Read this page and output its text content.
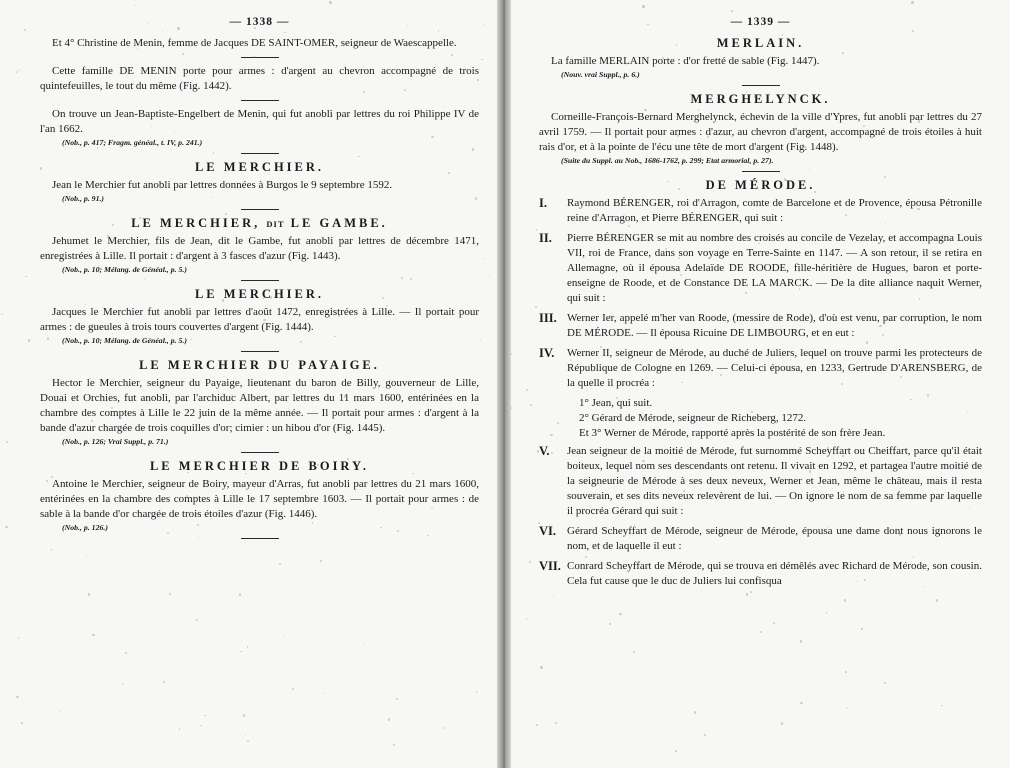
— 1338 —

Et 4° Christine de Menin, femme de Jacques DE SAINT-OMER, seigneur de Waescappelle.

Cette famille DE MENIN porte pour armes : d'argent au chevron accompagné de trois quintefeuilles, le tout du même (Fig. 1442).

On trouve un Jean-Baptiste-Engelbert de Menin, qui fut anobli par lettres du roi Philippe IV de l'an 1662.

(Nob., p. 417; Fragm. généal., t. IV, p. 241.)
LE MERCHIER.

Jean le Merchier fut anobli par lettres données à Burgos le 9 septembre 1592.

(Nob., p. 91.)
LE MERCHIER, DIT LE GAMBE.

Jehumet le Merchier, fils de Jean, dit le Gambe, fut anobli par lettres de décembre 1471, enregistrées à Lille. Il portait : d'argent à 3 fasces d'azur (Fig. 1443).

(Nob., p. 10; Mélang. de Généal., p. 5.)
LE MERCHIER.

Jacques le Merchier fut anobli par lettres d'août 1472, enregistrées à Lille. — Il portait pour armes : de gueules à trois tours couvertes d'argent (Fig. 1444).

(Nob., p. 10; Mélang. de Généal., p. 5.)
LE MERCHIER DU PAYAIGE.

Hector le Merchier, seigneur du Payaige, lieutenant du baron de Billy, gouverneur de Lille, Douai et Orchies, fut anobli, par l'archiduc Albert, par lettres du 11 mars 1600, entérinées en la chambre des comptes à Lille le 22 juin de la même année. — Il portait pour armes : d'argent à la bande d'azur chargée de trois coquilles d'or; cimier : un hibou d'or (Fig. 1445).

(Nob., p. 126; Vrai Suppl., p. 71.)
LE MERCHIER DE BOIRY.

Antoine le Merchier, seigneur de Boiry, mayeur d'Arras, fut anobli par lettres du 21 mars 1600, entérinées en la chambre des comptes à Lille le 17 septembre 1603. — Il portait pour armes : de sable à la bande d'or chargée de trois étoiles d'azur (Fig. 1446).

(Nob., p. 126.)
— 1339 —
MERLAIN.

La famille MERLAIN porte : d'or fretté de sable (Fig. 1447).

(Nouv. vrai Suppl., p. 6.)
MERGHELYNCK.

Corneille-François-Bernard Merghelynck, échevin de la ville d'Ypres, fut anobli par lettres du 27 avril 1759. — Il portait pour armes : d'azur, au chevron d'argent, accompagné de trois étoiles à huit rais d'or, et à la pointe de l'écu une tête de mort d'argent (Fig. 1448).

(Suite du Suppl. au Nob., 1686-1762, p. 299; Etat armorial, p. 27).
DE MÉRODE.
I.	Raymond BÉRENGER, roi d'Arragon, comte de Barcelone et de Provence, épousa Pétronille reine d'Arragon, et Pierre BÉRENGER, qui suit :
II.	Pierre BÉRENGER se mit au nombre des croisés au concile de Vezelay, et accompagna Louis VII, roi de France, dans son voyage en Terre-Sainte en 1147. — A son retour, il se retira en Allemagne, où il épousa Adelaïde DE ROODE, fille-héritière de Hugues, baron et porte-enseigne de Roode, et de Constance DE LA MARCK. — De la dite alliance naquit Werner, qui suit :
III. Werner Ier, appelé m'her van Roode, (messire de Rode), d'où est venu, par corruption, le nom DE MÉRODE. — Il épousa Ricuine DE LIMBOURG, et en eut :
IV.	Werner II, seigneur de Mérode, au duché de Juliers, lequel on trouve parmi les protecteurs de République de Cologne en 1269. — Celui-ci épousa, en 1233, Gertrude D'ARENSBERG, de la quelle il procréa :
1° Jean, qui suit.
2° Gérard de Mérode, seigneur de Richeberg, 1272.
Et 3° Werner de Mérode, rapporté après la postérité de son frère Jean.
V.	Jean seigneur de la moitié de Mérode, fut surnommé Scheyffart ou Cheiffart, parce qu'il était boiteux, lequel nom ses descendants ont retenu. Il vivait en 1292, et partagea l'autre moitié de la seigneurie de Mérode à ses deux neveux, Werner et Jean, même le château, mais il resta souverain, et ses dits neveux relevèrent de lui. — On ignore le nom de sa femme par laquelle il procréa Gérard qui suit :
VI. Gérard Scheyffart de Mérode, seigneur de Mérode, épousa une dame dont nous ignorons le nom, et de laquelle il eut :
VII. Conrard Scheyffart de Mérode, qui se trouva en démêlés avec Richard de Mérode, son cousin. Cela fut cause que le duc de Juliers lui confisqua
